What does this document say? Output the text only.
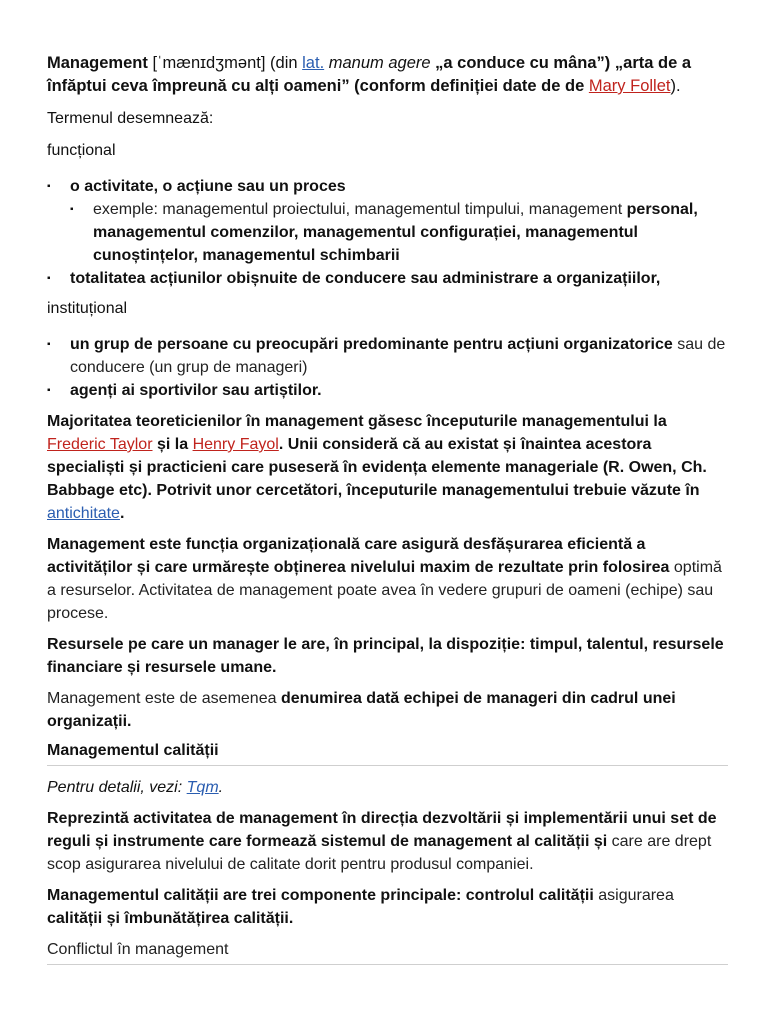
Management [ˈmænɪdʒmənt] (din lat. manum agere „a conduce cu mâna”) „arta de a înfăptui ceva împreună cu alți oameni” (conform definiției date de de Mary Follet).

Termenul desemnează:

funcțional

▪ o activitate, o acțiune sau un proces
▪ exemple: managementul proiectului, managementul timpului, management personal, managementul comenzilor, managementul configurației, managementul cunoștințelor, managementul schimbarii
▪ totalitatea acțiunilor obișnuite de conducere sau administrare a organizațiilor,

instituțional

▪ un grup de persoane cu preocupări predominante pentru acțiuni organizatorice sau de conducere (un grup de manageri)
▪ agenți ai sportivilor sau artiștilor.

Majoritatea teoreticienilor în management găsesc începuturile managementului la Frederic Taylor și la Henry Fayol. Unii consideră că au existat și înaintea acestora specialiști și practicieni care puseseră în evidența elemente manageriale (R. Owen, Ch. Babbage etc). Potrivit unor cercetători, începuturile managementului trebuie văzute în antichitate.

Management este funcția organizațională care asigură desfășurarea eficientă a activităților și care urmărește obținerea nivelului maxim de rezultate prin folosirea optimă a resurselor. Activitatea de management poate avea în vedere grupuri de oameni (echipe) sau procese.

Resursele pe care un manager le are, în principal, la dispoziție: timpul, talentul, resursele financiare și resursele umane.

Management este de asemenea denumirea dată echipei de manageri din cadrul unei organizații.

Managementul calității

Pentru detalii, vezi: Tqm.

Reprezintă activitatea de management în direcția dezvoltării și implementării unui set de reguli și instrumente care formează sistemul de management al calității și care are drept scop asigurarea nivelului de calitate dorit pentru produsul companiei.

Managementul calității are trei componente principale: controlul calității asigurarea calității și îmbunătățirea calității.

Conflictul în management
